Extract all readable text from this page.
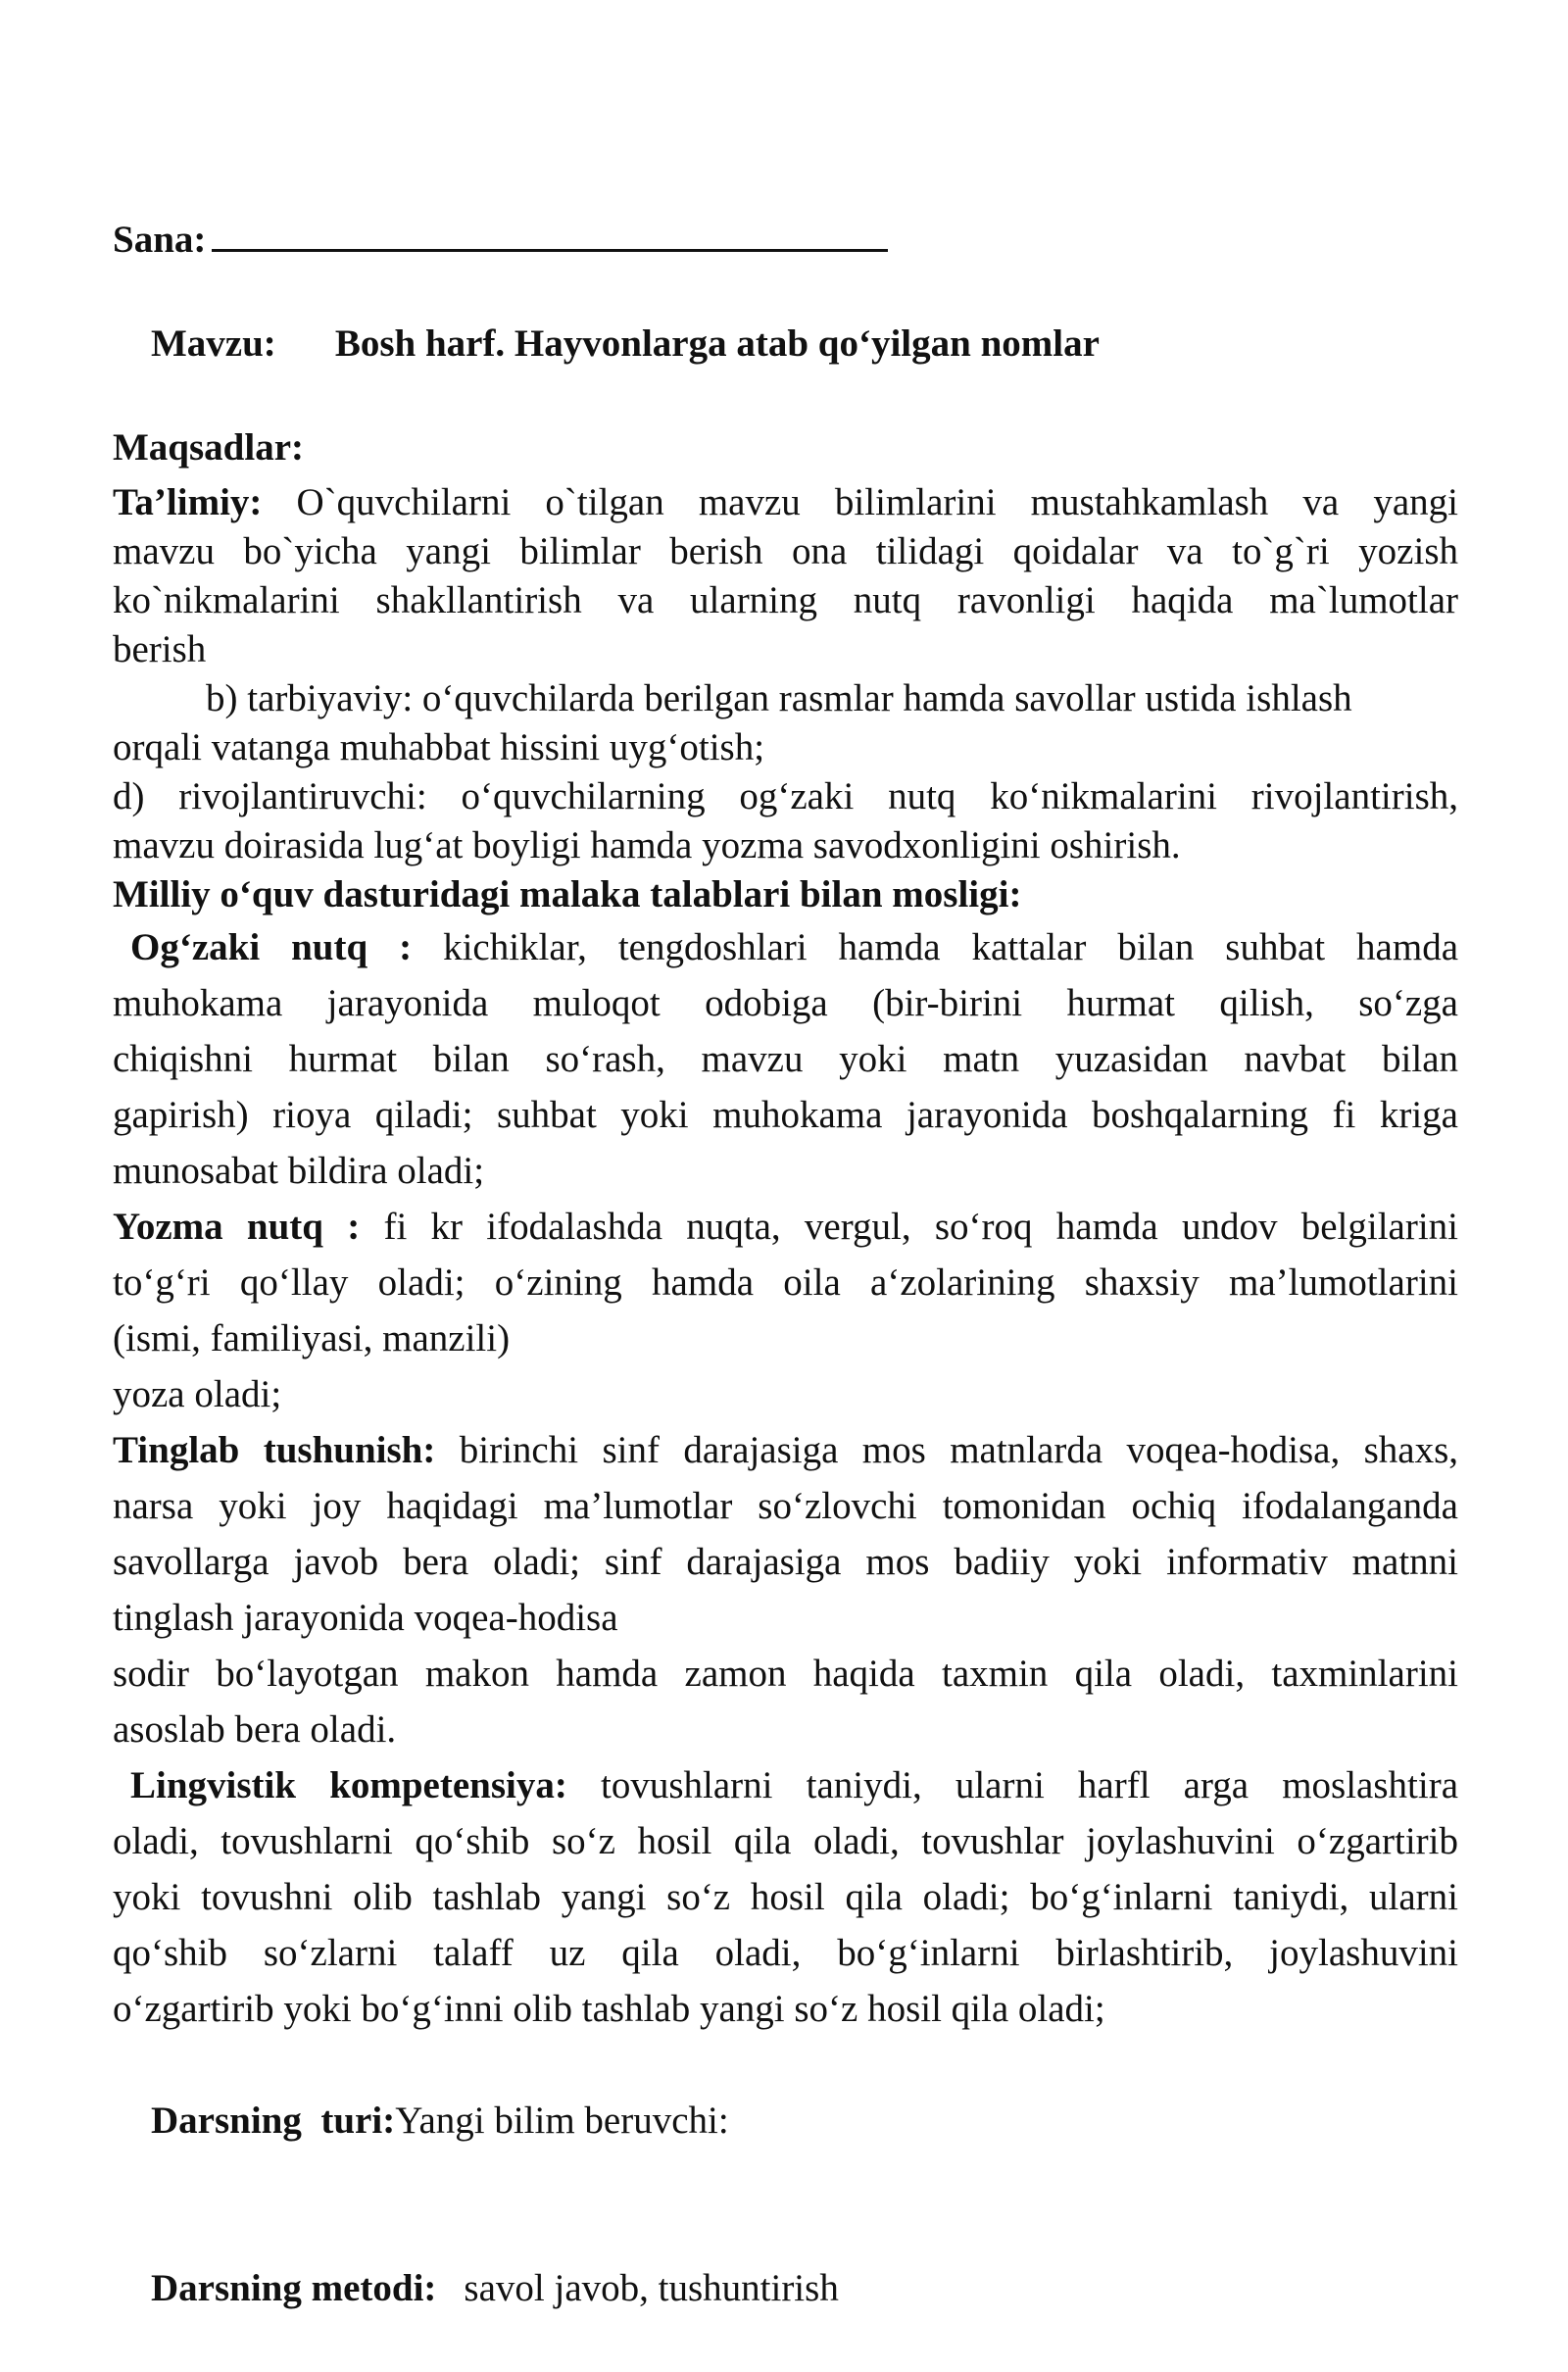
Sana:

Mavzu: Bosh harf. Hayvonlarga atab qo‘yilgan nomlar

Maqsadlar:
Ta’limiy: O`quvchilarni o`tilgan mavzu bilimlarini mustahkamlash va yangi
mavzu bo`yicha yangi bilimlar berish ona tilidagi qoidalar va to`g`ri yozish
ko`nikmalarini shakllantirish va ularning nutq ravonligi haqida ma`lumotlar
berish
b) tarbiyaviy: o‘quvchilarda berilgan rasmlar hamda savollar ustida ishlash
orqali vatanga muhabbat hissini uyg‘otish;
d) rivojlantiruvchi: o‘quvchilarning og‘zaki nutq ko‘nikmalarini rivojlantirish,
mavzu doirasida lug‘at boyligi hamda yozma savodxonligini oshirish.
Milliy o‘quv dasturidagi malaka talablari bilan mosligi:
Og‘zaki nutq : kichiklar, tengdoshlari hamda kattalar bilan suhbat hamda
muhokama jarayonida muloqot odobiga (bir-birini hurmat qilish, so‘zga
chiqishni hurmat bilan so‘rash, mavzu yoki matn yuzasidan navbat bilan
gapirish) rioya qiladi; suhbat yoki muhokama jarayonida boshqalarning fi kriga
munosabat bildira oladi;
Yozma nutq : fi kr ifodalashda nuqta, vergul, so‘roq hamda undov belgilarini
to‘g‘ri qo‘llay oladi; o‘zining hamda oila a‘zolarining shaxsiy ma’lumotlarini
(ismi, familiyasi, manzili)
yoza oladi;
Tinglab tushunish: birinchi sinf darajasiga mos matnlarda voqea-hodisa, shaxs,
narsa yoki joy haqidagi ma’lumotlar so‘zlovchi tomonidan ochiq ifodalanganda
savollarga javob bera oladi; sinf darajasiga mos badiiy yoki informativ matnni
tinglash jarayonida voqea-hodisa
sodir bo‘layotgan makon hamda zamon haqida taxmin qila oladi, taxminlarini
asoslab bera oladi.
Lingvistik kompetensiya: tovushlarni taniydi, ularni harfl arga moslashtira
oladi, tovushlarni qo‘shib so‘z hosil qila oladi, tovushlar joylashuvini o‘zgartirib
yoki tovushni olib tashlab yangi so‘z hosil qila oladi; bo‘g‘inlarni taniydi, ularni
qo‘shib so‘zlarni talaff uz qila oladi, bo‘g‘inlarni birlashtirib, joylashuvini
o‘zgartirib yoki bo‘g‘inni olib tashlab yangi so‘z hosil qila oladi;

Darsning  turi:Yangi bilim beruvchi:

Darsning metodi: savol javob, tushuntirish
